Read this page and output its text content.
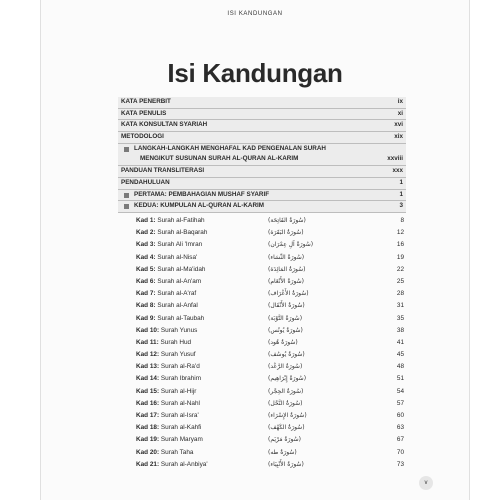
ISI KANDUNGAN
Isi Kandungan
KATA PENERBIT	ix
KATA PENULIS	xi
KATA KONSULTAN SYARIAH	xvi
METODOLOGI	xix
LANGKAH-LANGKAH MENGHAFAL KAD PENGENALAN SURAH
MENGIKUT SUSUNAN SURAH AL-QURAN AL-KARIM	xxviii
PANDUAN TRANSLITERASI	xxx
PENDAHULUAN	1
PERTAMA: PEMBAHAGIAN MUSHAF SYARIF	1
KEDUA: KUMPULAN AL-QURAN AL-KARIM	3
Kad 1: Surah al-Fatihah	(سُورَةُ الفَاتِحَة)	8
Kad 2: Surah al-Baqarah	(سُورَةُ البَقَرَة)	12
Kad 3: Surah Ali 'Imran	(سُورَةُ آلِ عِمْرَان)	16
Kad 4: Surah al-Nisa'	(سُورَةُ النِّسَاء)	19
Kad 5: Surah al-Ma'idah	(سُورَةُ المَائِدَة)	22
Kad 6: Surah al-An'am	(سُورَةُ الأَنْعَام)	25
Kad 7: Surah al-A'raf	(سُورَةُ الأَعْرَاف)	28
Kad 8: Surah al-Anfal	(سُورَةُ الأَنْفَال)	31
Kad 9: Surah al-Taubah	(سُورَةُ التَّوْبَة)	35
Kad 10: Surah Yunus	(سُورَةُ يُونُس)	38
Kad 11: Surah Hud	(سُورَةُ هُود)	41
Kad 12: Surah Yusuf	(سُورَةُ يُوسُف)	45
Kad 13: Surah al-Ra'd	(سُورَةُ الرَّعْد)	48
Kad 14: Surah Ibrahim	(سُورَةُ إِبْرَاهِيم)	51
Kad 15: Surah al-Hijr	(سُورَةُ الحِجْر)	54
Kad 16: Surah al-Nahl	(سُورَةُ النَّحْل)	57
Kad 17: Surah al-Isra'	(سُورَةُ الإِسْرَاء)	60
Kad 18: Surah al-Kahfi	(سُورَةُ الكَهْف)	63
Kad 19: Surah Maryam	(سُورَةُ مَرْيَم)	67
Kad 20: Surah Taha	(سُورَةُ طه)	70
Kad 21: Surah al-Anbiya'	(سُورَةُ الأَنْبِيَاء)	73
v
